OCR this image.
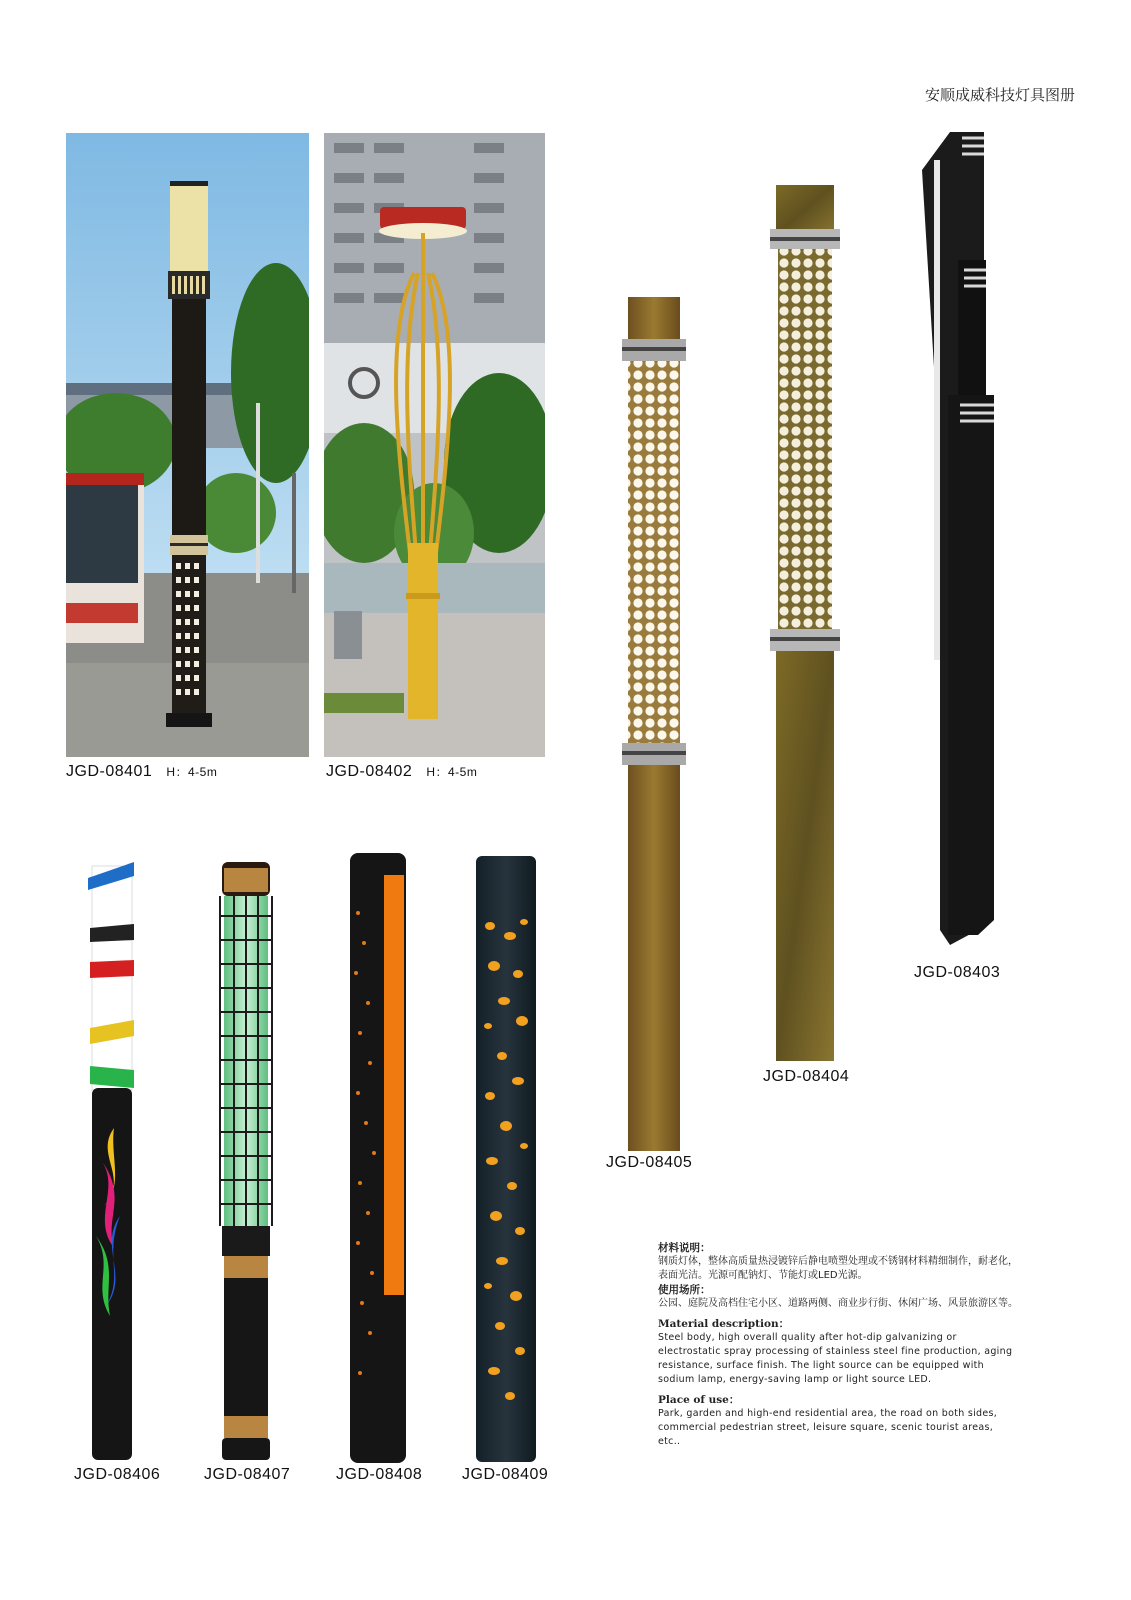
安顺成威科技灯具图册
JGD-08401 H：4-5m	JGD-08402 H：4-5m
JGD-08403
JGD-08404
JGD-08405
JGD-08406	JGD-08407	JGD-08408 JGD-08409

材料说明：

钢质灯体，整体高质量热浸镀锌后静电喷塑处理或不锈钢材料精细制作，耐老化，表面光洁。光源可配钠灯、节能灯或LED光源。

使用场所：

公园、庭院及高档住宅小区、道路两侧、商业步行街、休闲广场、风景旅游区等。

Material description：

Steel body, high overall quality after hot-dip galvanizing or electrostatic spray processing of stainless steel fine production, aging resistance, surface finish. The light source can be equipped with sodium lamp, energy-saving lamp or light source LED.

Place of use：

Park, garden and high-end residential area, the road on both sides, commercial pedestrian street, leisure square, scenic tourist areas, etc..
